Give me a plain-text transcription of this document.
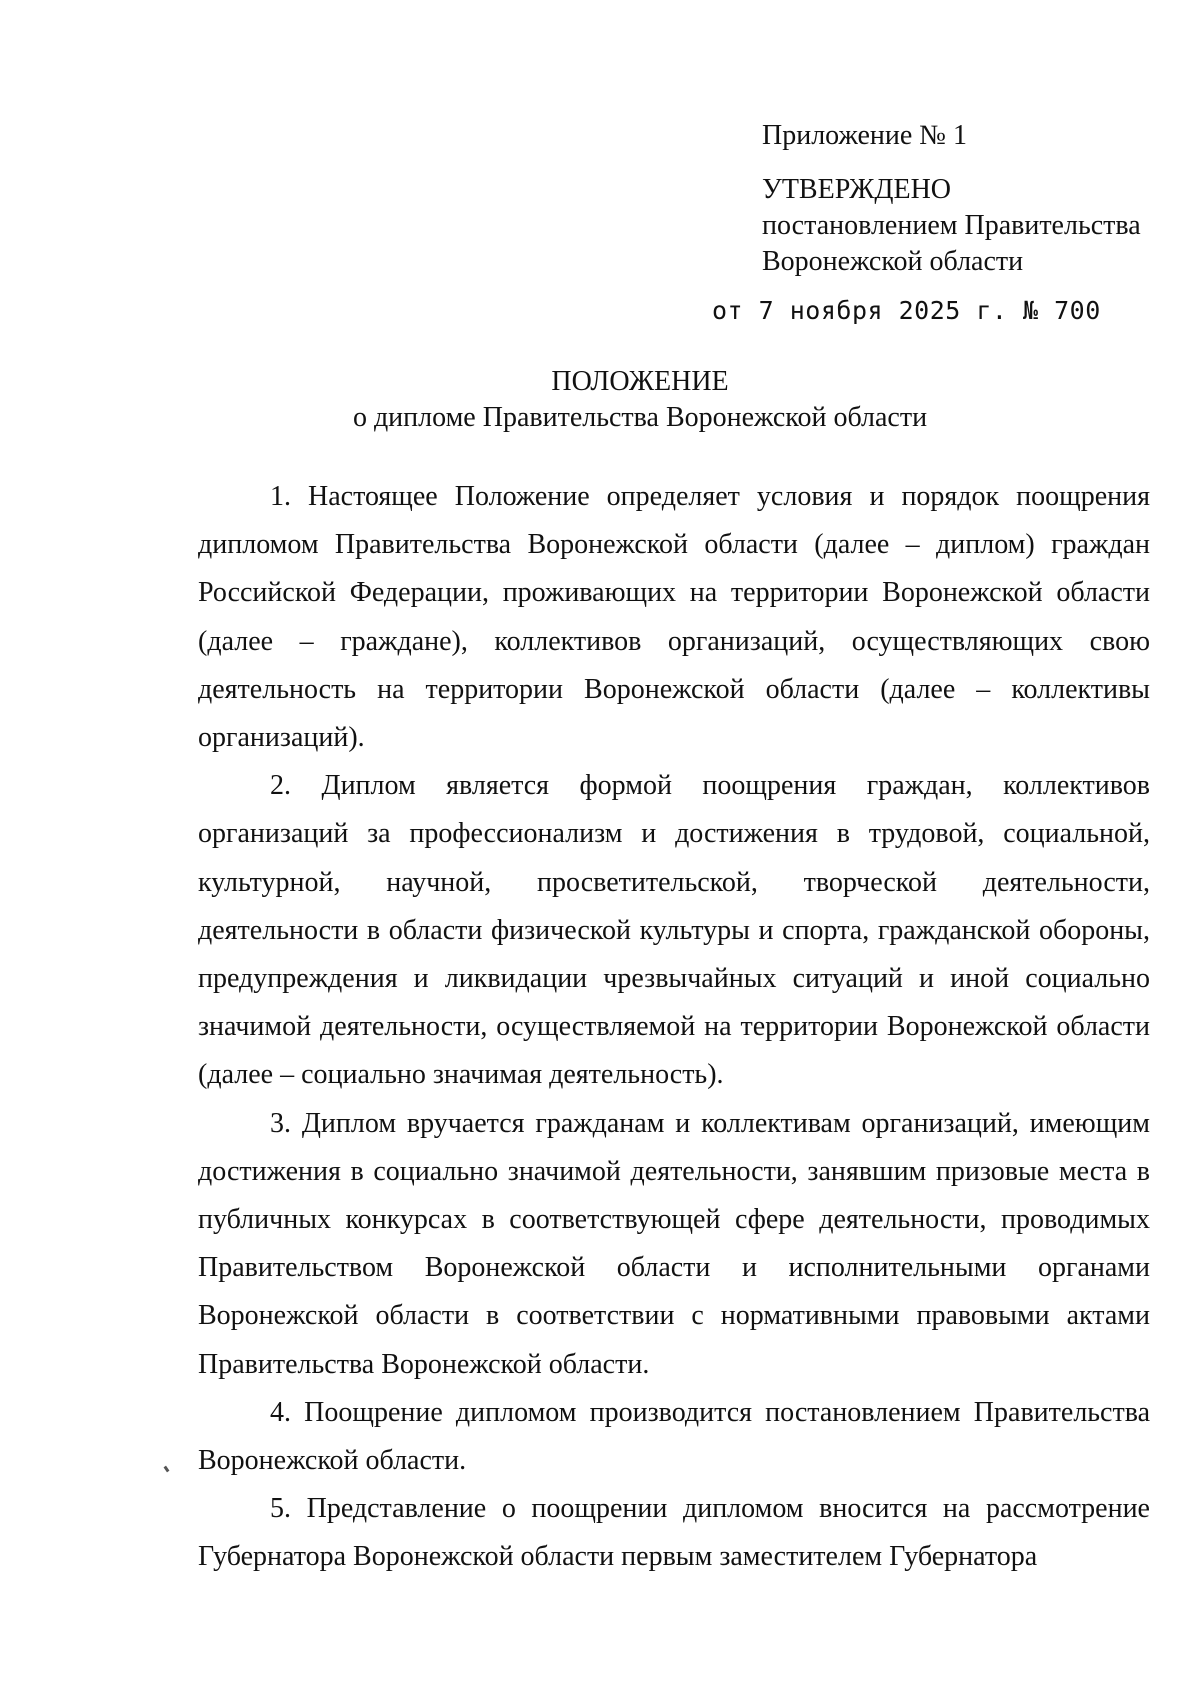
Приложение № 1
УТВЕРЖДЕНО
постановлением Правительства
Воронежской области
от 7 ноября 2025 г. № 700
ПОЛОЖЕНИЕ
о дипломе Правительства Воронежской области

1. Настоящее Положение определяет условия и порядок поощрения дипломом Правительства Воронежской области (далее – диплом) граждан Российской Федерации, проживающих на территории Воронежской области (далее – граждане), коллективов организаций, осуществляющих свою деятельность на территории Воронежской области (далее – коллективы организаций).

2. Диплом является формой поощрения граждан, коллективов организаций за профессионализм и достижения в трудовой, социальной, культурной, научной, просветительской, творческой деятельности, деятельности в области физической культуры и спорта, гражданской обороны, предупреждения и ликвидации чрезвычайных ситуаций и иной социально значимой деятельности, осуществляемой на территории Воронежской области (далее – социально значимая деятельность).

3. Диплом вручается гражданам и коллективам организаций, имеющим достижения в социально значимой деятельности, занявшим призовые места в публичных конкурсах в соответствующей сфере деятельности, проводимых Правительством Воронежской области и исполнительными органами Воронежской области в соответствии с нормативными правовыми актами Правительства Воронежской области.

4. Поощрение дипломом производится постановлением Правительства Воронежской области.

5. Представление о поощрении дипломом вносится на рассмотрение Губернатора Воронежской области первым заместителем Губернатора
